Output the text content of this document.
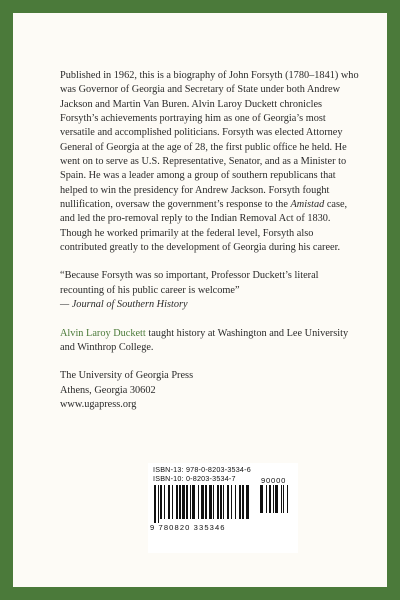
Published in 1962, this is a biography of John Forsyth (1780–1841) who was Governor of Georgia and Secretary of State under both Andrew Jackson and Martin Van Buren. Alvin Laroy Duckett chronicles Forsyth’s achievements portraying him as one of Georgia’s most versatile and accomplished politicians. Forsyth was elected Attorney General of Georgia at the age of 28, the first public office he held. He went on to serve as U.S. Representative, Senator, and as a Minister to Spain. He was a leader among a group of southern republicans that helped to win the presidency for Andrew Jackson. Forsyth fought nullification, oversaw the government’s response to the Amistad case, and led the pro-removal reply to the Indian Removal Act of 1830. Though he worked primarily at the federal level, Forsyth also contributed greatly to the development of Georgia during his career.

“Because Forsyth was so important, Professor Duckett’s literal recounting of his public career is welcome”
— Journal of Southern History
Alvin Laroy Duckett taught history at Washington and Lee University and Winthrop College.
The University of Georgia Press
Athens, Georgia 30602
www.ugapress.org
ISBN-13: 978-0-8203-3534-6
ISBN-10: 0-8203-3534-7	90000
9 780820 335346
